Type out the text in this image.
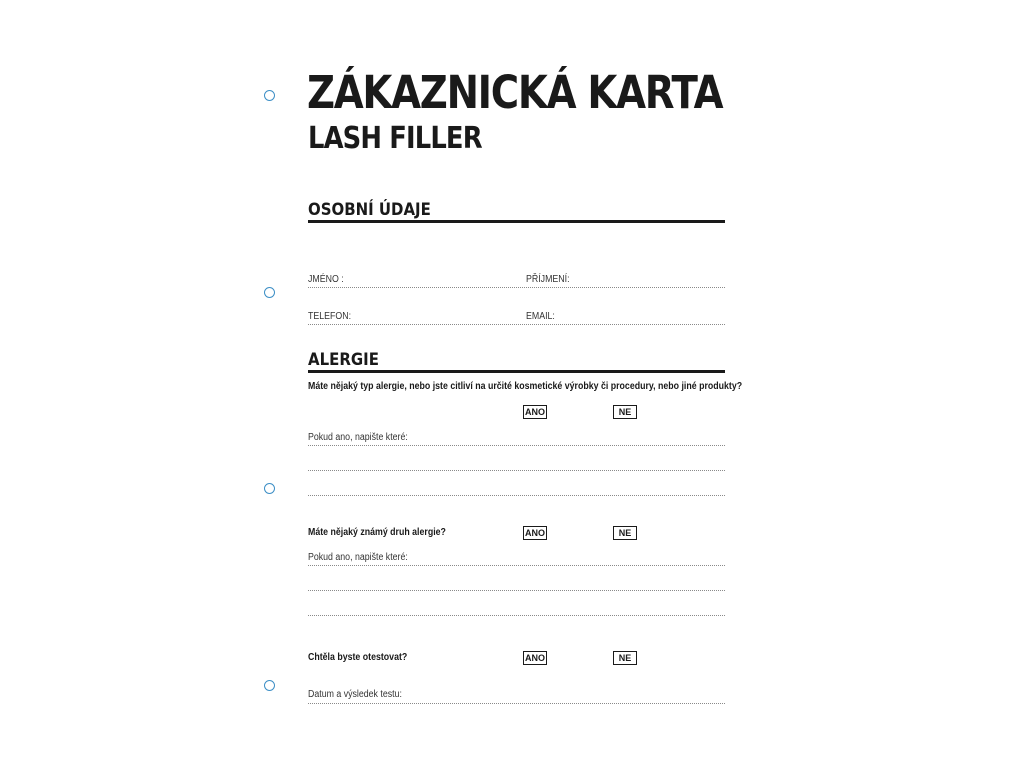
ZÁKAZNICKÁ KARTA
LASH FILLER
OSOBNÍ ÚDAJE
JMÉNO :	PŘÍJMENÍ:
TELEFON:	EMAIL:
ALERGIE
Máte nějaký typ alergie, nebo jste citliví na určité kosmetické výrobky či procedury, nebo jiné produkty?
ANO	NE
Pokud ano, napište které:
Máte nějaký známý druh alergie?	ANO	NE
Pokud ano, napište které:
Chtěla byste otestovat?	ANO	NE
Datum a výsledek testu:
